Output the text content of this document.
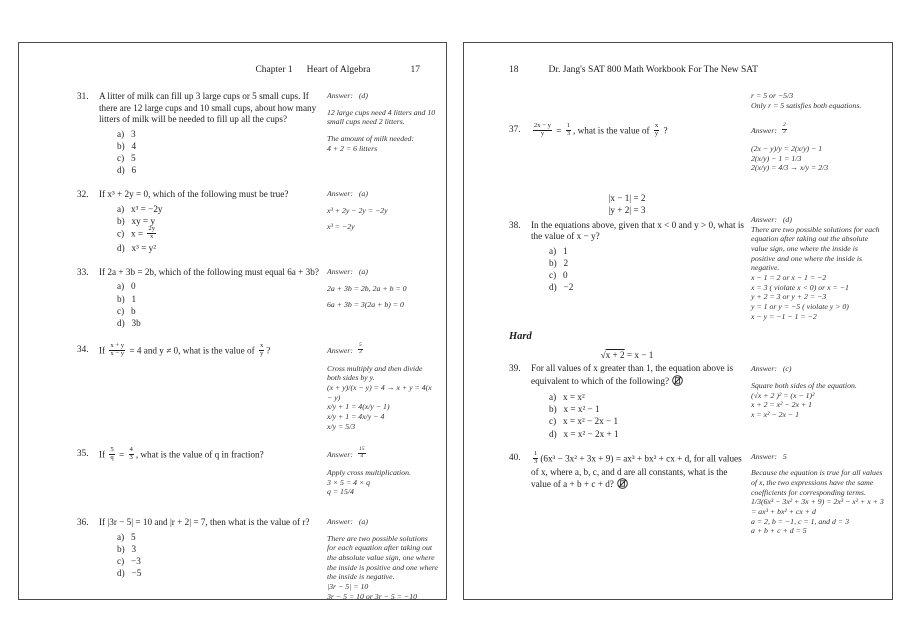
Chapter 1 Heart of Algebra	17
31.	A litter of milk can fill up 3 large cups or 5 small cups. If there are 12 large cups and 10 small cups, about how many litters of milk will be needed to fill up all the cups?
a)   3
b)   4
c)   5
d)   6
Answer:   (d)
12 large cups need 4 litters and 10 small cups need 2 litters.
The amount of milk needed:
4 + 2 = 6 litters
32.	If x³ + 2y = 0, which of the following must be true?
a)   x³ = −2y
b)   xy = y
c)   $x = \frac{2y}{x}$
d)   x³ = y²
Answer:   (a)
x³ + 2y − 2y = −2y
x³ = −2y
33.	If 2a + 3b = 2b, which of the following must equal 6a + 3b?
a)   0
b)   1
c)   b
d)   3b
Answer:   (a)
2a + 3b = 2b, 2a + b = 0
6a + 3b = 3(2a + b) = 0
34.	If $\frac{x + y}{x - y} = 4$ and y ≠ 0, what is the value of $\frac{x}{y}$ ?	Answer: $\frac{5}{3}$
Cross multiply and then divide both sides by y.
(x + y)/(x − y) = 4 → x + y = 4(x − y)
x/y + 1 = 4(x/y − 1)
x/y + 1 = 4x/y − 4
x/y = 5/3
35.	If $\frac{5}{q} = \frac{4}{3}$ , what is the value of q in fraction?	Answer: $\frac{15}{4}$
Apply cross multiplication.
3 × 5 = 4 × q
q = 15/4
36.	If |3r − 5| = 10 and |r + 2| = 7, then what is the value of r?
a)   5
b)   3
c)   −3
d)   −5
Answer:   (a)
There are two possible solutions for each equation after taking out the absolute value sign, one where the inside is positive and one where the inside is negative.
|3r − 5| = 10
3r − 5 = 10 or 3r − 5 = −10
18	Dr. Jang's SAT 800 Math Workbook For The New SAT
r = 5 or −5/3
Only r = 5 satisfies both equations.
37.	$\frac{2x - y}{y} = \frac{1}{3}$ , what is the value of $\frac{x}{y}$ ?	Answer: $\frac{2}{3}$
(2x − y)/y = 2(x/y) − 1
2(x/y) − 1 = 1/3
2(x/y) = 4/3 → x/y = 2/3
|x − 1| = 2
|y + 2| = 3
38.	In the equations above, given that x < 0 and y > 0, what is the value of x − y?
a)   1
b)   2
c)   0
d)   −2
Answer:   (d)
There are two possible solutions for each equation after taking out the absolute value sign, one where the inside is positive and one where the inside is negative.
x − 1 = 2 or x − 1 = −2
x = 3 ( violate x < 0) or x = −1
y + 2 = 3 or y + 2 = −3
y = 1 or y = −5 ( violate y > 0)
x − y = −1 − 1 = −2
Hard
√x + 2 = x − 1
39.	For all values of x greater than 1, the equation above is equivalent to which of the following?
a)   x = x²
b)   x = x² − 1
c)   x = x² − 2x − 1
d)   x = x² − 2x + 1
Answer:   (c)
Square both sides of the equation.
(√x + 2 )² = (x − 1)²
x + 2 = x² − 2x + 1
x = x² − 2x − 1
40.	$\frac{1}{3} (6x^3 - 3x^2 + 3x + 9) = ax^3 + bx^2$ + cx + d, for all values of x, where a, b, c, and d are all constants, what is the value of a + b + c + d?
Answer:   5
Because the equation is true for all values of x, the two expressions have the same coefficients for corresponding terms.
1/3(6x³ − 3x² + 3x + 9) = 2x³ − x² + x + 3 = ax³ + bx² + cx + d
a = 2, b = −1, c = 1, and d = 3
a + b + c + d = 5
